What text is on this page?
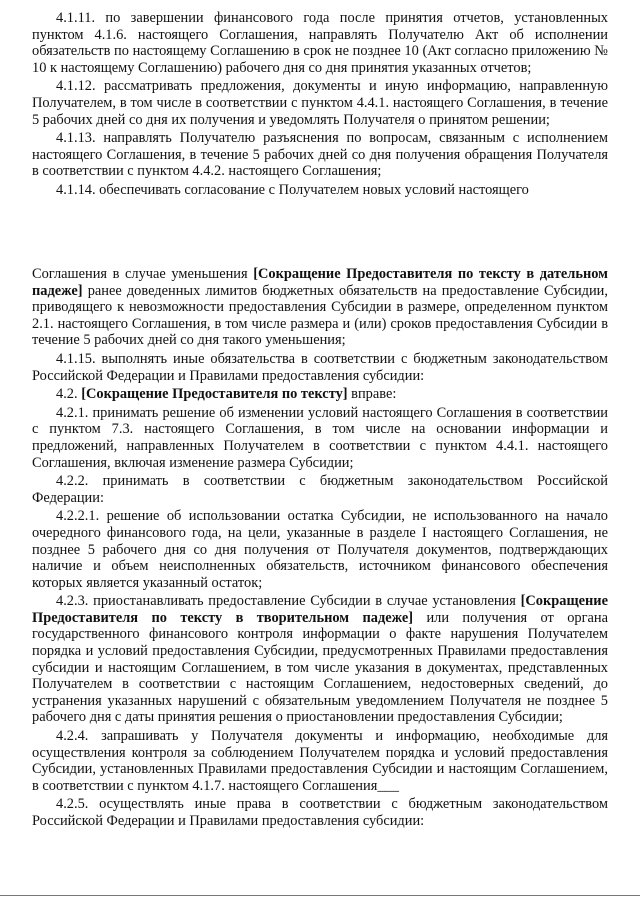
4.1.11. по завершении финансового года после принятия отчетов, установленных пунктом 4.1.6. настоящего Соглашения, направлять Получателю Акт об исполнении обязательств по настоящему Соглашению в срок не позднее 10 (Акт согласно приложению № 10 к настоящему Соглашению) рабочего дня со дня принятия указанных отчетов;

4.1.12. рассматривать предложения, документы и иную информацию, направленную Получателем, в том числе в соответствии с пунктом 4.4.1. настоящего Соглашения, в течение 5 рабочих дней со дня их получения и уведомлять Получателя о принятом решении;

4.1.13. направлять Получателю разъяснения по вопросам, связанным с исполнением настоящего Соглашения, в течение 5 рабочих дней со дня получения обращения Получателя в соответствии с пунктом 4.4.2. настоящего Соглашения;

4.1.14. обеспечивать согласование с Получателем новых условий настоящего

Соглашения в случае уменьшения [Сокращение Предоставителя по тексту в дательном падеже] ранее доведенных лимитов бюджетных обязательств на предоставление Субсидии, приводящего к невозможности предоставления Субсидии в размере, определенном пунктом 2.1. настоящего Соглашения, в том числе размера и (или) сроков предоставления Субсидии в течение 5 рабочих дней со дня такого уменьшения;

4.1.15. выполнять иные обязательства в соответствии с бюджетным законодательством Российской Федерации и Правилами предоставления субсидии:

4.2. [Сокращение Предоставителя по тексту] вправе:

4.2.1. принимать решение об изменении условий настоящего Соглашения в соответствии с пунктом 7.3. настоящего Соглашения, в том числе на основании информации и предложений, направленных Получателем в соответствии с пунктом 4.4.1. настоящего Соглашения, включая изменение размера Субсидии;

4.2.2. принимать в соответствии с бюджетным законодательством Российской Федерации:

4.2.2.1. решение об использовании остатка Субсидии, не использованного на начало очередного финансового года, на цели, указанные в разделе I настоящего Соглашения, не позднее 5 рабочего дня со дня получения от Получателя документов, подтверждающих наличие и объем неисполненных обязательств, источником финансового обеспечения которых является указанный остаток;

4.2.3. приостанавливать предоставление Субсидии в случае установления [Сокращение Предоставителя по тексту в творительном падеже] или получения от органа государственного финансового контроля информации о факте нарушения Получателем порядка и условий предоставления Субсидии, предусмотренных Правилами предоставления субсидии и настоящим Соглашением, в том числе указания в документах, представленных Получателем в соответствии с настоящим Соглашением, недостоверных сведений, до устранения указанных нарушений с обязательным уведомлением Получателя не позднее 5 рабочего дня с даты принятия решения о приостановлении предоставления Субсидии;

4.2.4. запрашивать у Получателя документы и информацию, необходимые для осуществления контроля за соблюдением Получателем порядка и условий предоставления Субсидии, установленных Правилами предоставления Субсидии и настоящим Соглашением, в соответствии с пунктом 4.1.7. настоящего Соглашения___

4.2.5. осуществлять иные права в соответствии с бюджетным законодательством Российской Федерации и Правилами предоставления субсидии:
